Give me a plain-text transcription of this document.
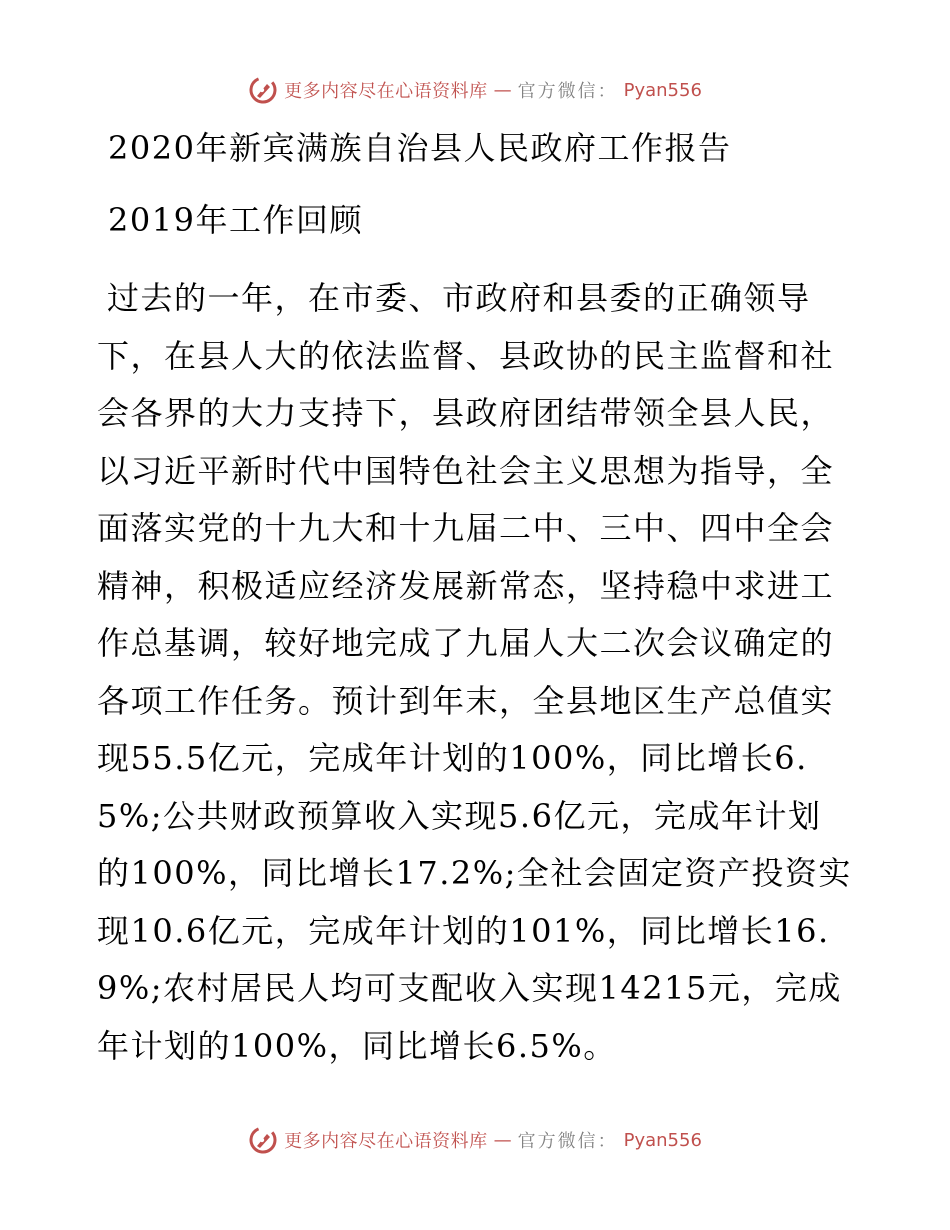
更多内容尽在心语资料库 — 官方微信： Pyan556
2020年新宾满族自治县人民政府工作报告
2019年工作回顾
过去的一年，在市委、市政府和县委的正确领导下，在县人大的依法监督、县政协的民主监督和社会各界的大力支持下，县政府团结带领全县人民，以习近平新时代中国特色社会主义思想为指导，全面落实党的十九大和十九届二中、三中、四中全会精神，积极适应经济发展新常态，坚持稳中求进工作总基调，较好地完成了九届人大二次会议确定的各项工作任务。预计到年末，全县地区生产总值实现55.5亿元，完成年计划的100%，同比增长6.5%;公共财政预算收入实现5.6亿元，完成年计划的100%，同比增长17.2%;全社会固定资产投资实现10.6亿元，完成年计划的101%，同比增长16.9%;农村居民人均可支配收入实现14215元，完成年计划的100%，同比增长6.5%。
更多内容尽在心语资料库 — 官方微信： Pyan556
